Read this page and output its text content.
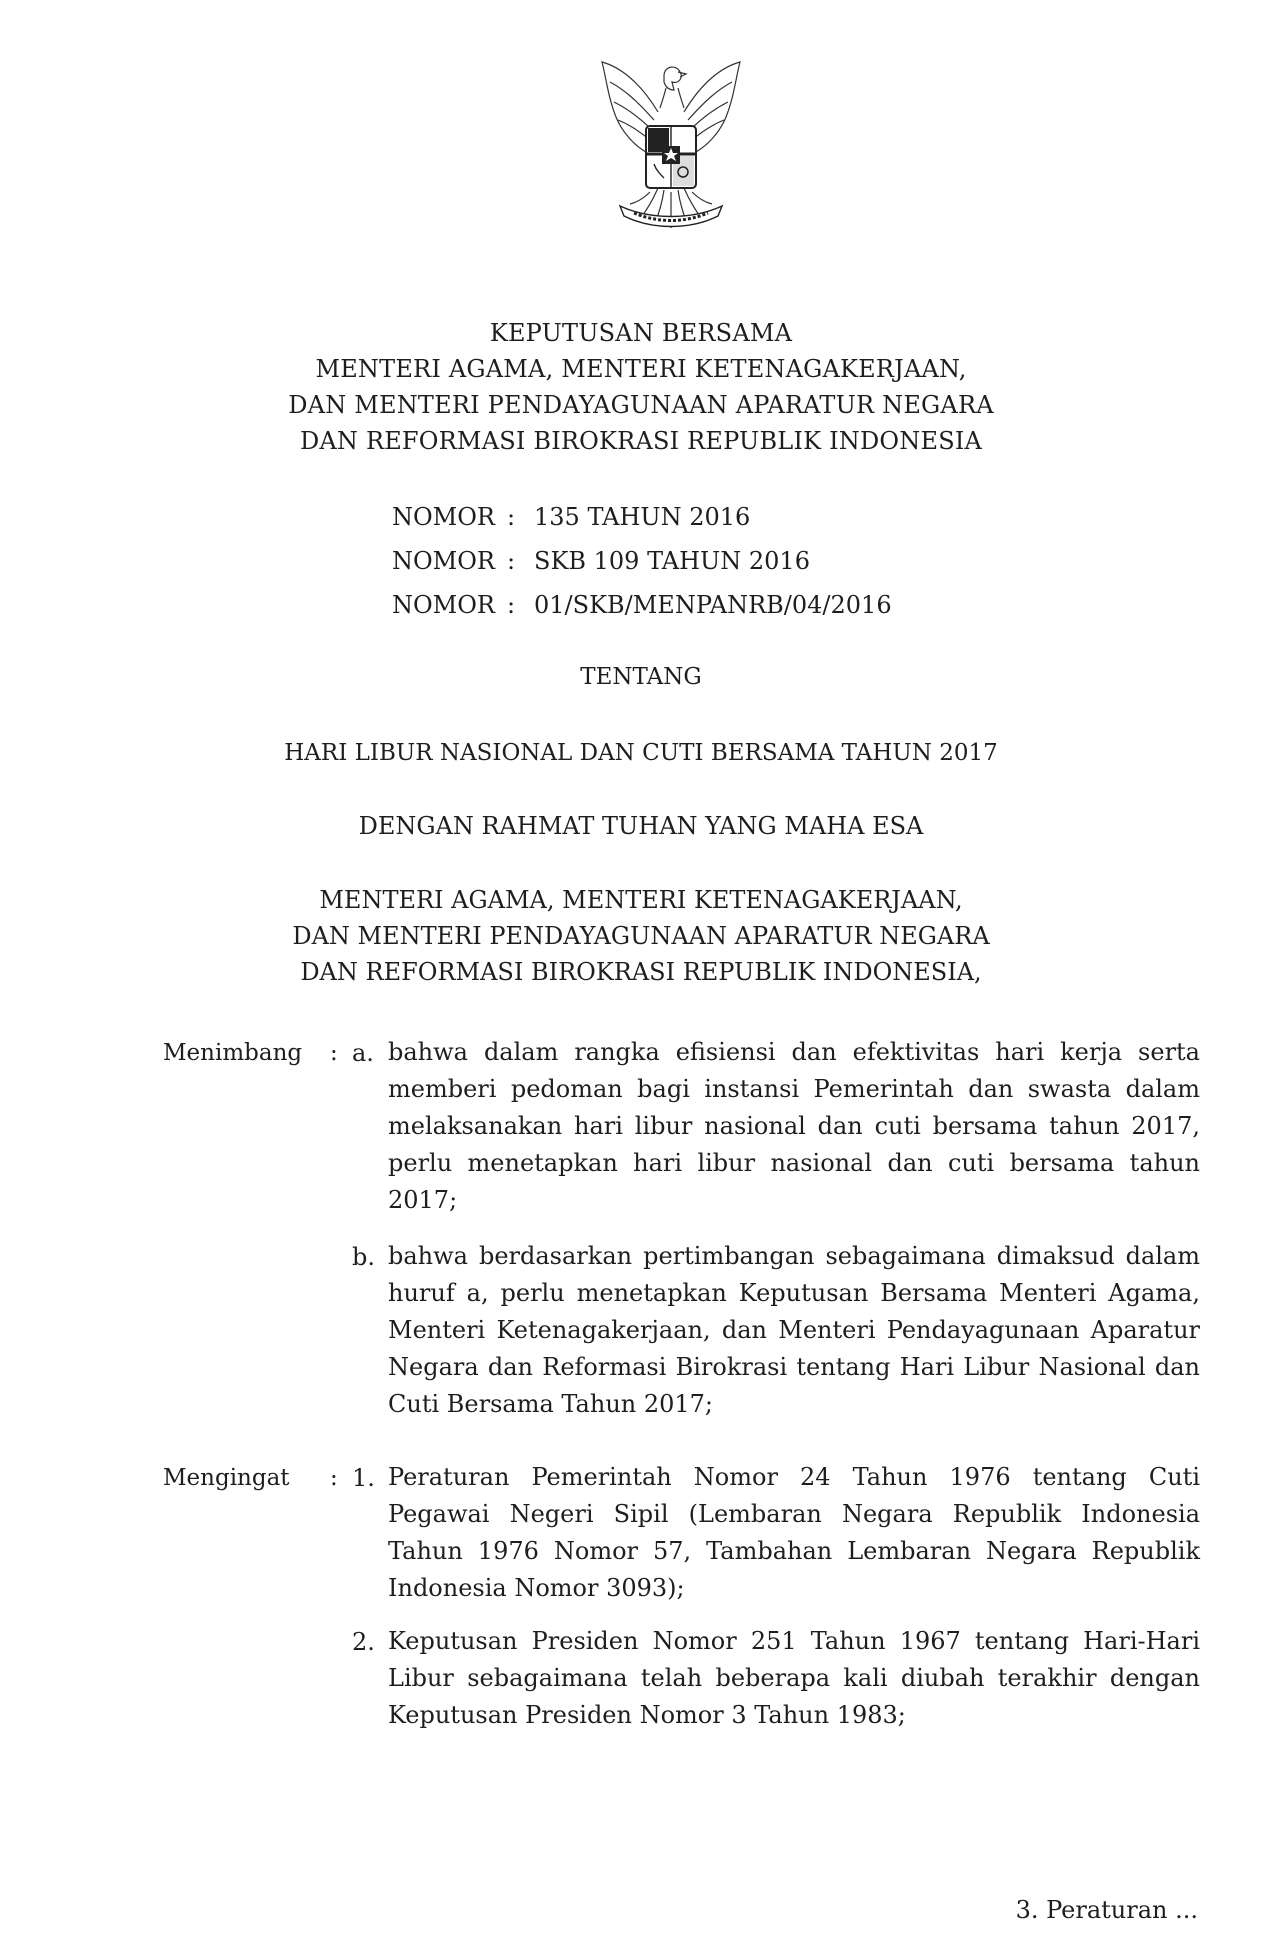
KEPUTUSAN BERSAMA
MENTERI AGAMA, MENTERI KETENAGAKERJAAN,
DAN MENTERI PENDAYAGUNAAN APARATUR NEGARA
DAN REFORMASI BIROKRASI REPUBLIK INDONESIA
NOMOR : 135 TAHUN 2016
NOMOR : SKB 109 TAHUN 2016
NOMOR : 01/SKB/MENPANRB/04/2016
TENTANG
HARI LIBUR NASIONAL DAN CUTI BERSAMA TAHUN 2017
DENGAN RAHMAT TUHAN YANG MAHA ESA
MENTERI AGAMA, MENTERI KETENAGAKERJAAN,
DAN MENTERI PENDAYAGUNAAN APARATUR NEGARA
DAN REFORMASI BIROKRASI REPUBLIK INDONESIA,
Menimbang : a. bahwa dalam rangka efisiensi dan efektivitas hari kerja serta memberi pedoman bagi instansi Pemerintah dan swasta dalam melaksanakan hari libur nasional dan cuti bersama tahun 2017, perlu menetapkan hari libur nasional dan cuti bersama tahun 2017;
b. bahwa berdasarkan pertimbangan sebagaimana dimaksud dalam huruf a, perlu menetapkan Keputusan Bersama Menteri Agama, Menteri Ketenagakerjaan, dan Menteri Pendayagunaan Aparatur Negara dan Reformasi Birokrasi tentang Hari Libur Nasional dan Cuti Bersama Tahun 2017;
Mengingat : 1. Peraturan Pemerintah Nomor 24 Tahun 1976 tentang Cuti Pegawai Negeri Sipil (Lembaran Negara Republik Indonesia Tahun 1976 Nomor 57, Tambahan Lembaran Negara Republik Indonesia Nomor 3093);
2. Keputusan Presiden Nomor 251 Tahun 1967 tentang Hari-Hari Libur sebagaimana telah beberapa kali diubah terakhir dengan Keputusan Presiden Nomor 3 Tahun 1983;
3. Peraturan ...
